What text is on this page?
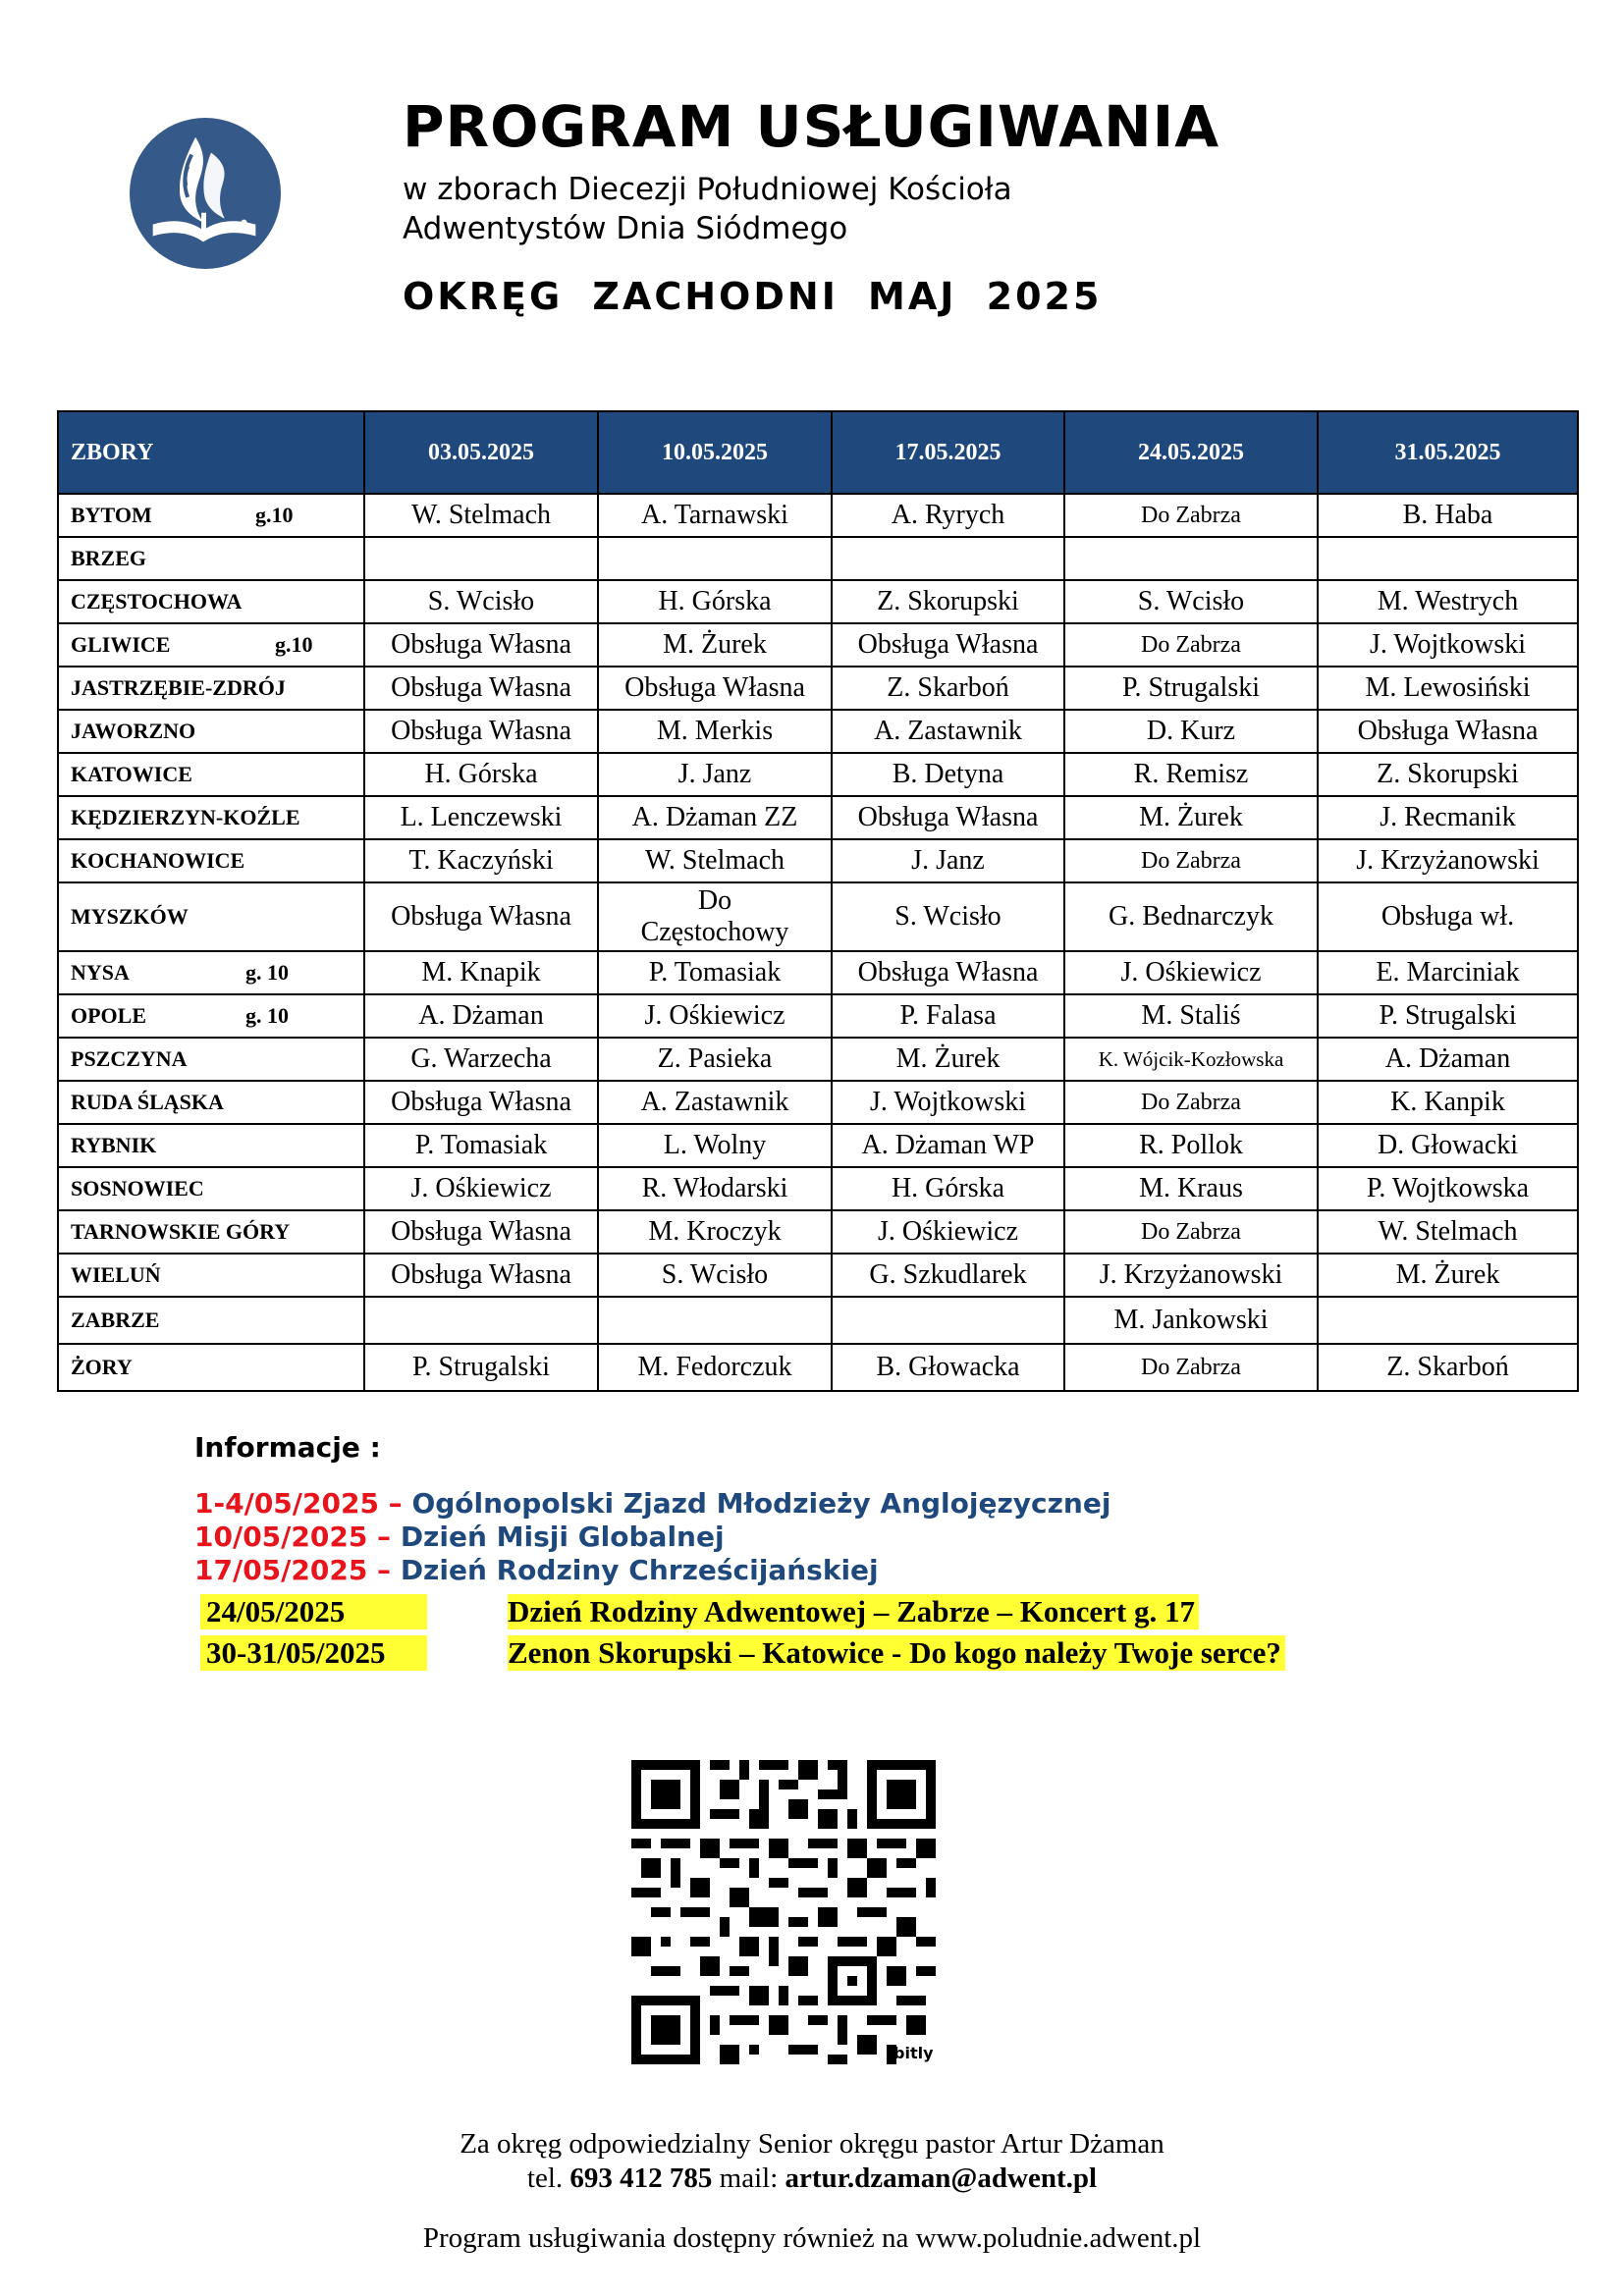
PROGRAM USŁUGIWANIA
w zborach Diecezji Południowej Kościoła
Adwentystów Dnia Siódmego
OKRĘG ZACHODNI MAJ 2025
ZBORY	03.05.2025	10.05.2025	17.05.2025	24.05.2025	31.05.2025
BYTOM g.10	W. Stelmach	A. Tarnawski	A. Ryrych	Do Zabrza	B. Haba
BRZEG					
CZĘSTOCHOWA	S. Wcisło	H. Górska	Z. Skorupski	S. Wcisło	M. Westrych
GLIWICE g.10	Obsługa Własna	M. Żurek	Obsługa Własna	Do Zabrza	J. Wojtkowski
JASTRZĘBIE-ZDRÓJ	Obsługa Własna	Obsługa Własna	Z. Skarboń	P. Strugalski	M. Lewosiński
JAWORZNO	Obsługa Własna	M. Merkis	A. Zastawnik	D. Kurz	Obsługa Własna
KATOWICE	H. Górska	J. Janz	B. Detyna	R. Remisz	Z. Skorupski
KĘDZIERZYN-KOŹLE	L. Lenczewski	A. Dżaman ZZ	Obsługa Własna	M. Żurek	J. Recmanik
KOCHANOWICE	T. Kaczyński	W. Stelmach	J. Janz	Do Zabrza	J. Krzyżanowski
MYSZKÓW	Obsługa Własna	Do Częstochowy	S. Wcisło	G. Bednarczyk	Obsługa wł.
NYSA g. 10	M. Knapik	P. Tomasiak	Obsługa Własna	J. Ośkiewicz	E. Marciniak
OPOLE g. 10	A. Dżaman	J. Ośkiewicz	P. Falasa	M. Staliś	P. Strugalski
PSZCZYNA	G. Warzecha	Z. Pasieka	M. Żurek	K. Wójcik-Kozłowska	A. Dżaman
RUDA ŚLĄSKA	Obsługa Własna	A. Zastawnik	J. Wojtkowski	Do Zabrza	K. Kanpik
RYBNIK	P. Tomasiak	L. Wolny	A. Dżaman WP	R. Pollok	D. Głowacki
SOSNOWIEC	J. Ośkiewicz	R. Włodarski	H. Górska	M. Kraus	P. Wojtkowska
TARNOWSKIE GÓRY	Obsługa Własna	M. Kroczyk	J. Ośkiewicz	Do Zabrza	W. Stelmach
WIELUŃ	Obsługa Własna	S. Wcisło	G. Szkudlarek	J. Krzyżanowski	M. Żurek
ZABRZE				M. Jankowski	
ŻORY	P. Strugalski	M. Fedorczuk	B. Głowacka	Do Zabrza	Z. Skarboń
Informacje :
1-4/05/2025 – Ogólnopolski Zjazd Młodzieży Anglojęzycznej
10/05/2025 – Dzień Misji Globalnej
17/05/2025 – Dzień Rodziny Chrześcijańskiej
24/05/2025	Dzień Rodziny Adwentowej – Zabrze – Koncert g. 17
30-31/05/2025	Zenon Skorupski – Katowice - Do kogo należy Twoje serce?
bitly
Za okręg odpowiedzialny Senior okręgu pastor Artur Dżaman
tel. 693 412 785 mail: artur.dzaman@adwent.pl
Program usługiwania dostępny również na www.poludnie.adwent.pl
